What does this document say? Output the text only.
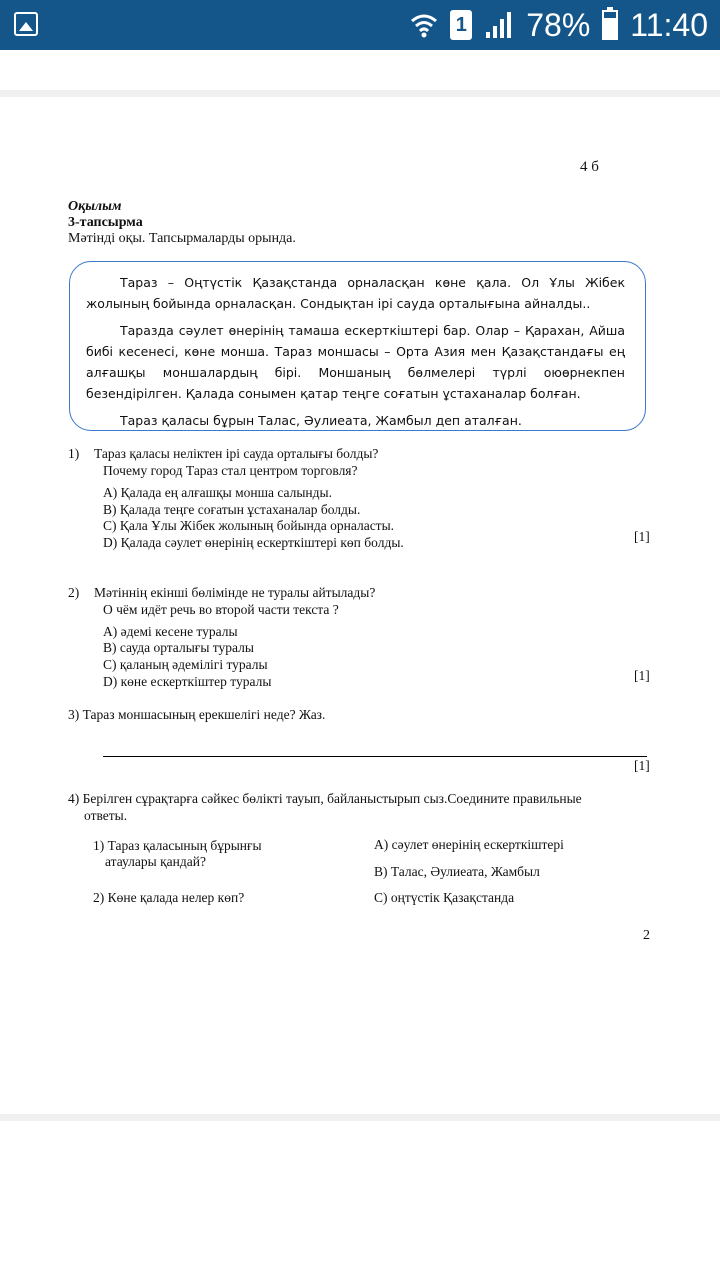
1 78% 11:40
4 б
Оқылым
3-тапсырма
Мәтінді оқы. Тапсырмаларды орында.

Тараз – Оңтүстік Қазақстанда орналасқан көне қала. Ол Ұлы Жібек жолының бойында орналасқан. Сондықтан ірі сауда орталығына айналды..

Таразда сәулет өнерінің тамаша ескерткіштері бар. Олар – Қарахан, Айша бибі кесенесі, көне монша. Тараз моншасы – Орта Азия мен Қазақстандағы ең алғашқы моншалардың бірі. Моншаның бөлмелері түрлі оюөрнекпен безендірілген. Қалада сонымен қатар теңге соғатын ұстаханалар болған.

Тараз қаласы бұрын Талас, Әулиеата, Жамбыл деп аталған.

1) Тараз қаласы неліктен ірі сауда орталығы болды?
Почему город Тараз стал центром торговля?
А) Қалада ең алғашқы монша салынды.
В) Қалада теңге соғатын ұстаханалар болды.
С) Қала Ұлы Жібек жолының бойында орналасты.
D) Қалада сәулет өнерінің ескерткіштері көп болды.	[1]
2) Мәтіннің екінші бөлімінде не туралы айтылады?
О чём идёт речь во второй части текста ?
А) әдемі кесене туралы
В) сауда орталығы туралы
С) қаланың әдемілігі туралы
D) көне ескерткіштер туралы	[1]
3) Тараз моншасының ерекшелігі неде? Жаз.
[1]
4) Берілген сұрақтарға сәйкес бөлікті тауып, байланыстырып сыз.Соедините правильные
ответы.
1) Тараз қаласының бұрынғы
атаулары қандай?
2) Көне қалада нелер көп?
А) сәулет өнерінің ескерткіштері
В) Талас, Әулиеата, Жамбыл
С) оңтүстік Қазақстанда
2
